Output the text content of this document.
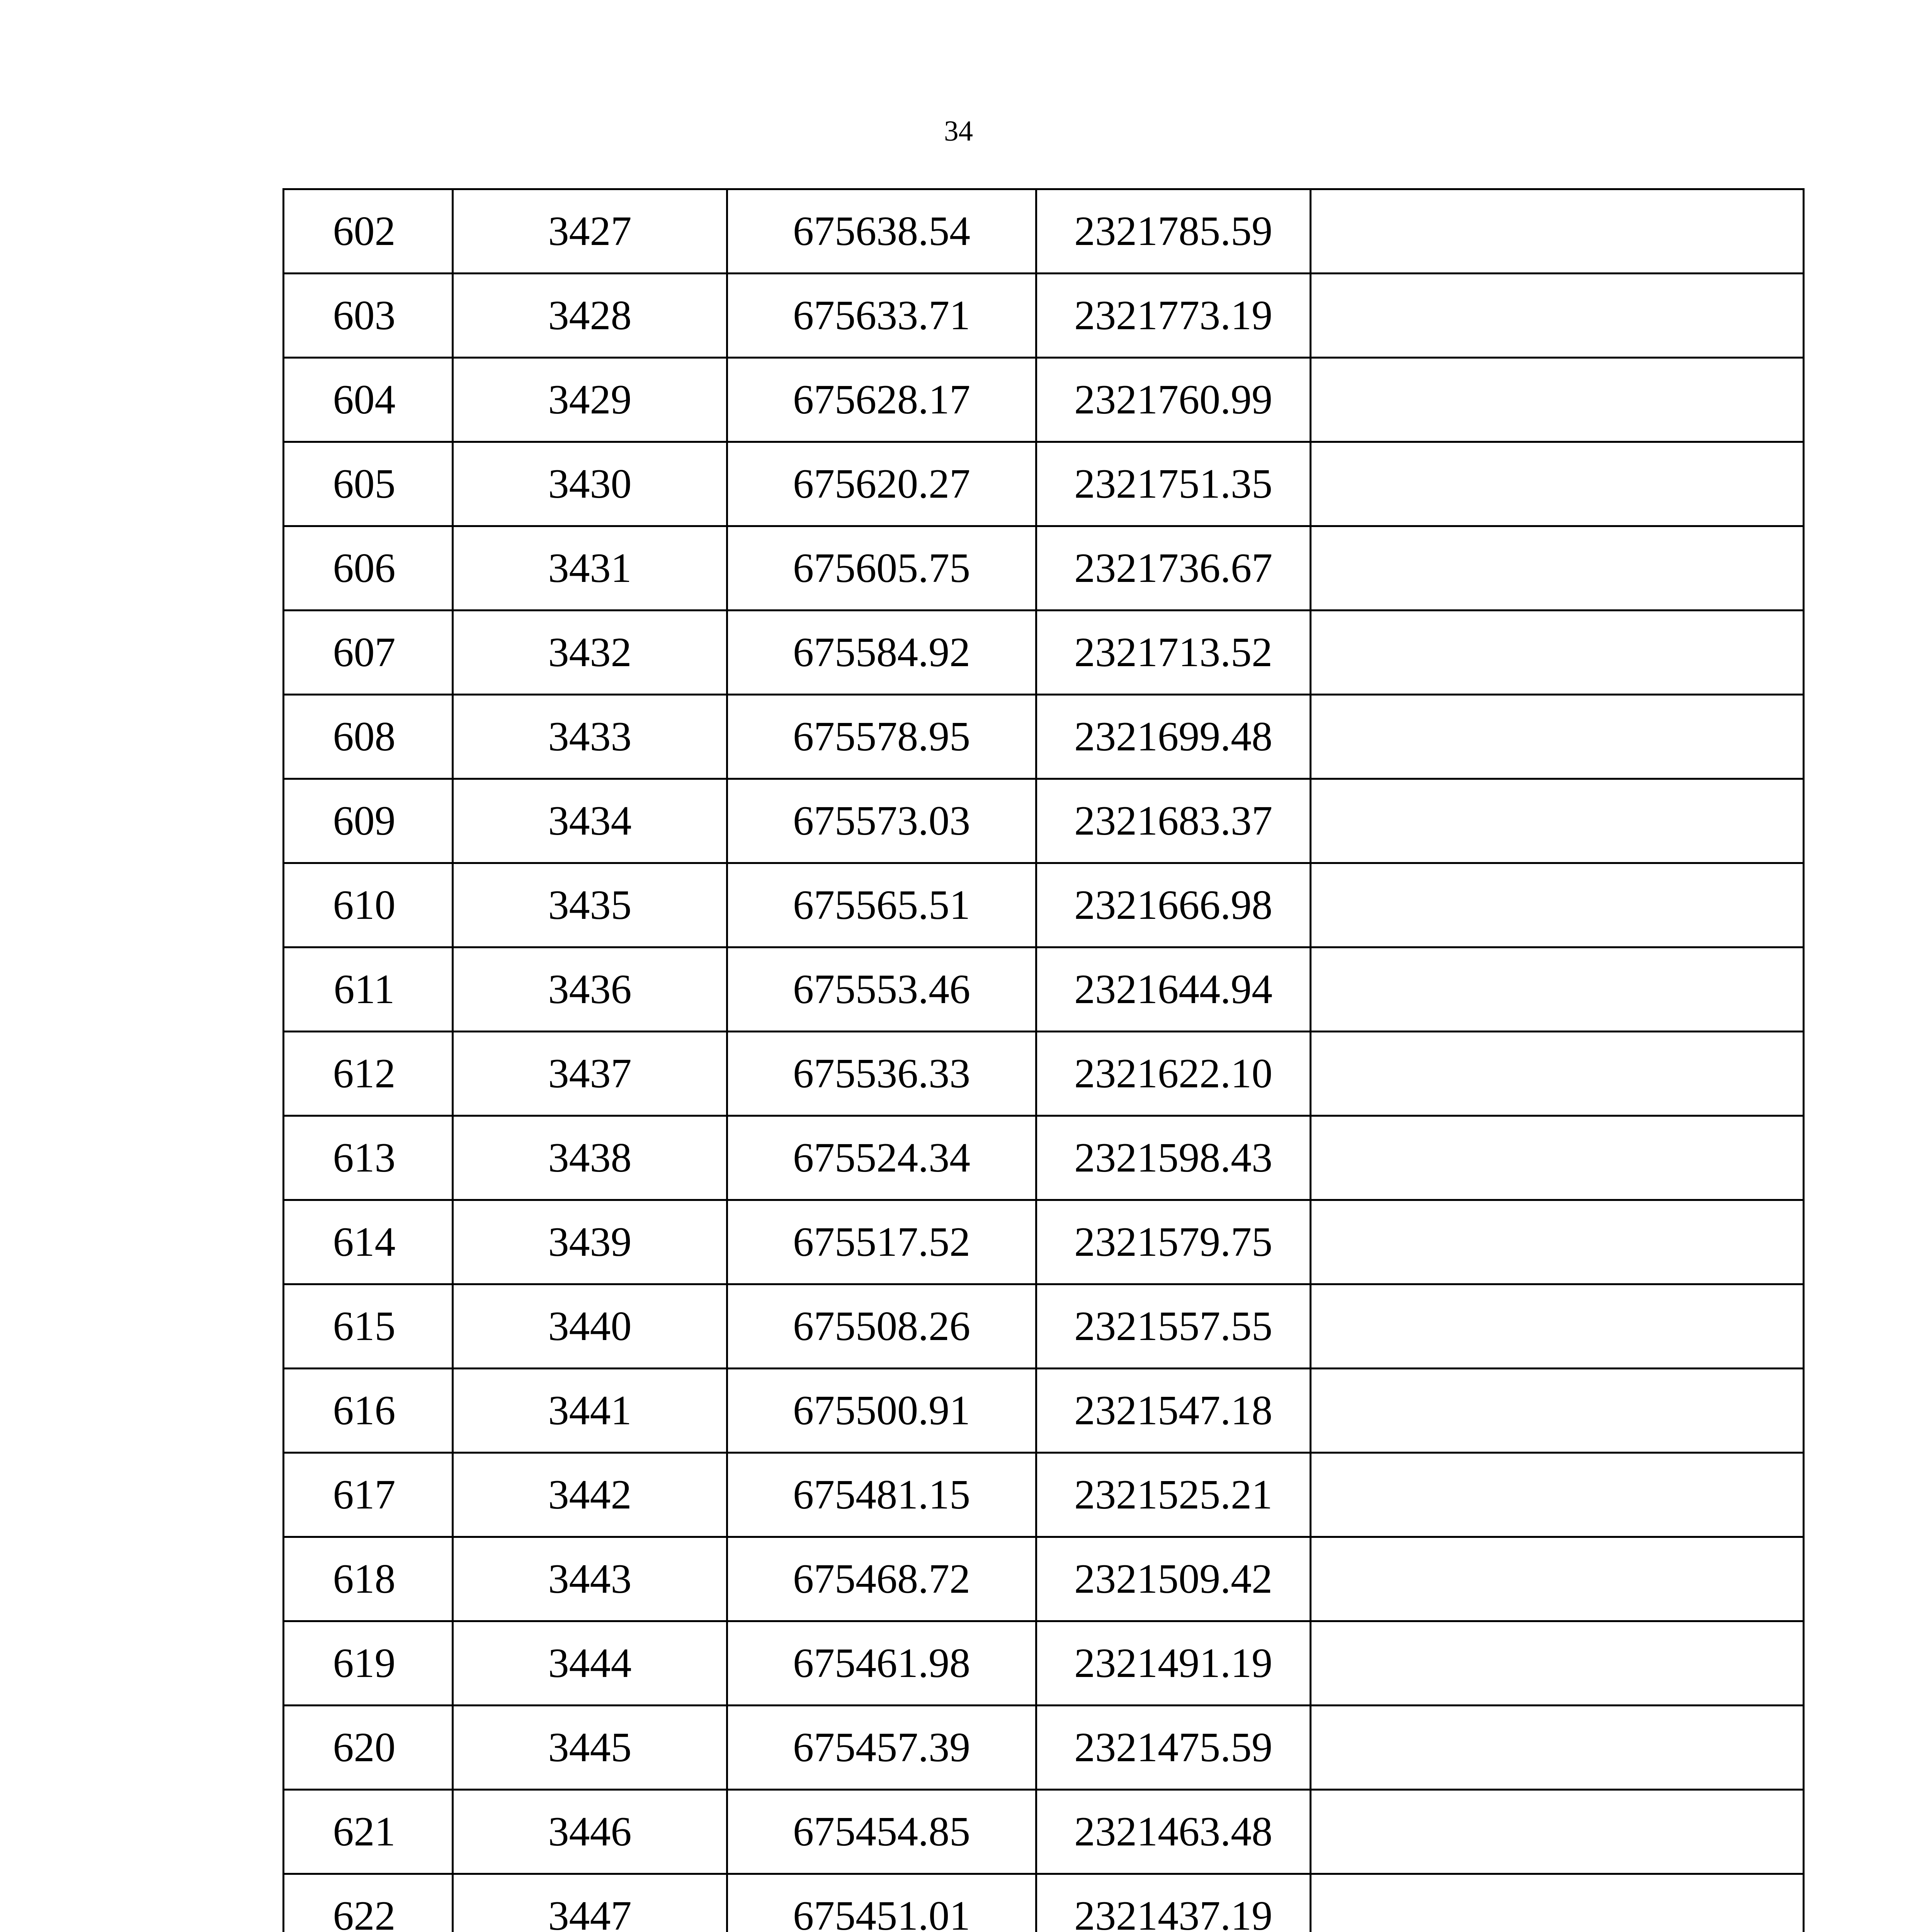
34
602	3427	675638.54	2321785.59	
603	3428	675633.71	2321773.19	
604	3429	675628.17	2321760.99	
605	3430	675620.27	2321751.35	
606	3431	675605.75	2321736.67	
607	3432	675584.92	2321713.52	
608	3433	675578.95	2321699.48	
609	3434	675573.03	2321683.37	
610	3435	675565.51	2321666.98	
611	3436	675553.46	2321644.94	
612	3437	675536.33	2321622.10	
613	3438	675524.34	2321598.43	
614	3439	675517.52	2321579.75	
615	3440	675508.26	2321557.55	
616	3441	675500.91	2321547.18	
617	3442	675481.15	2321525.21	
618	3443	675468.72	2321509.42	
619	3444	675461.98	2321491.19	
620	3445	675457.39	2321475.59	
621	3446	675454.85	2321463.48	
622	3447	675451.01	2321437.19	
